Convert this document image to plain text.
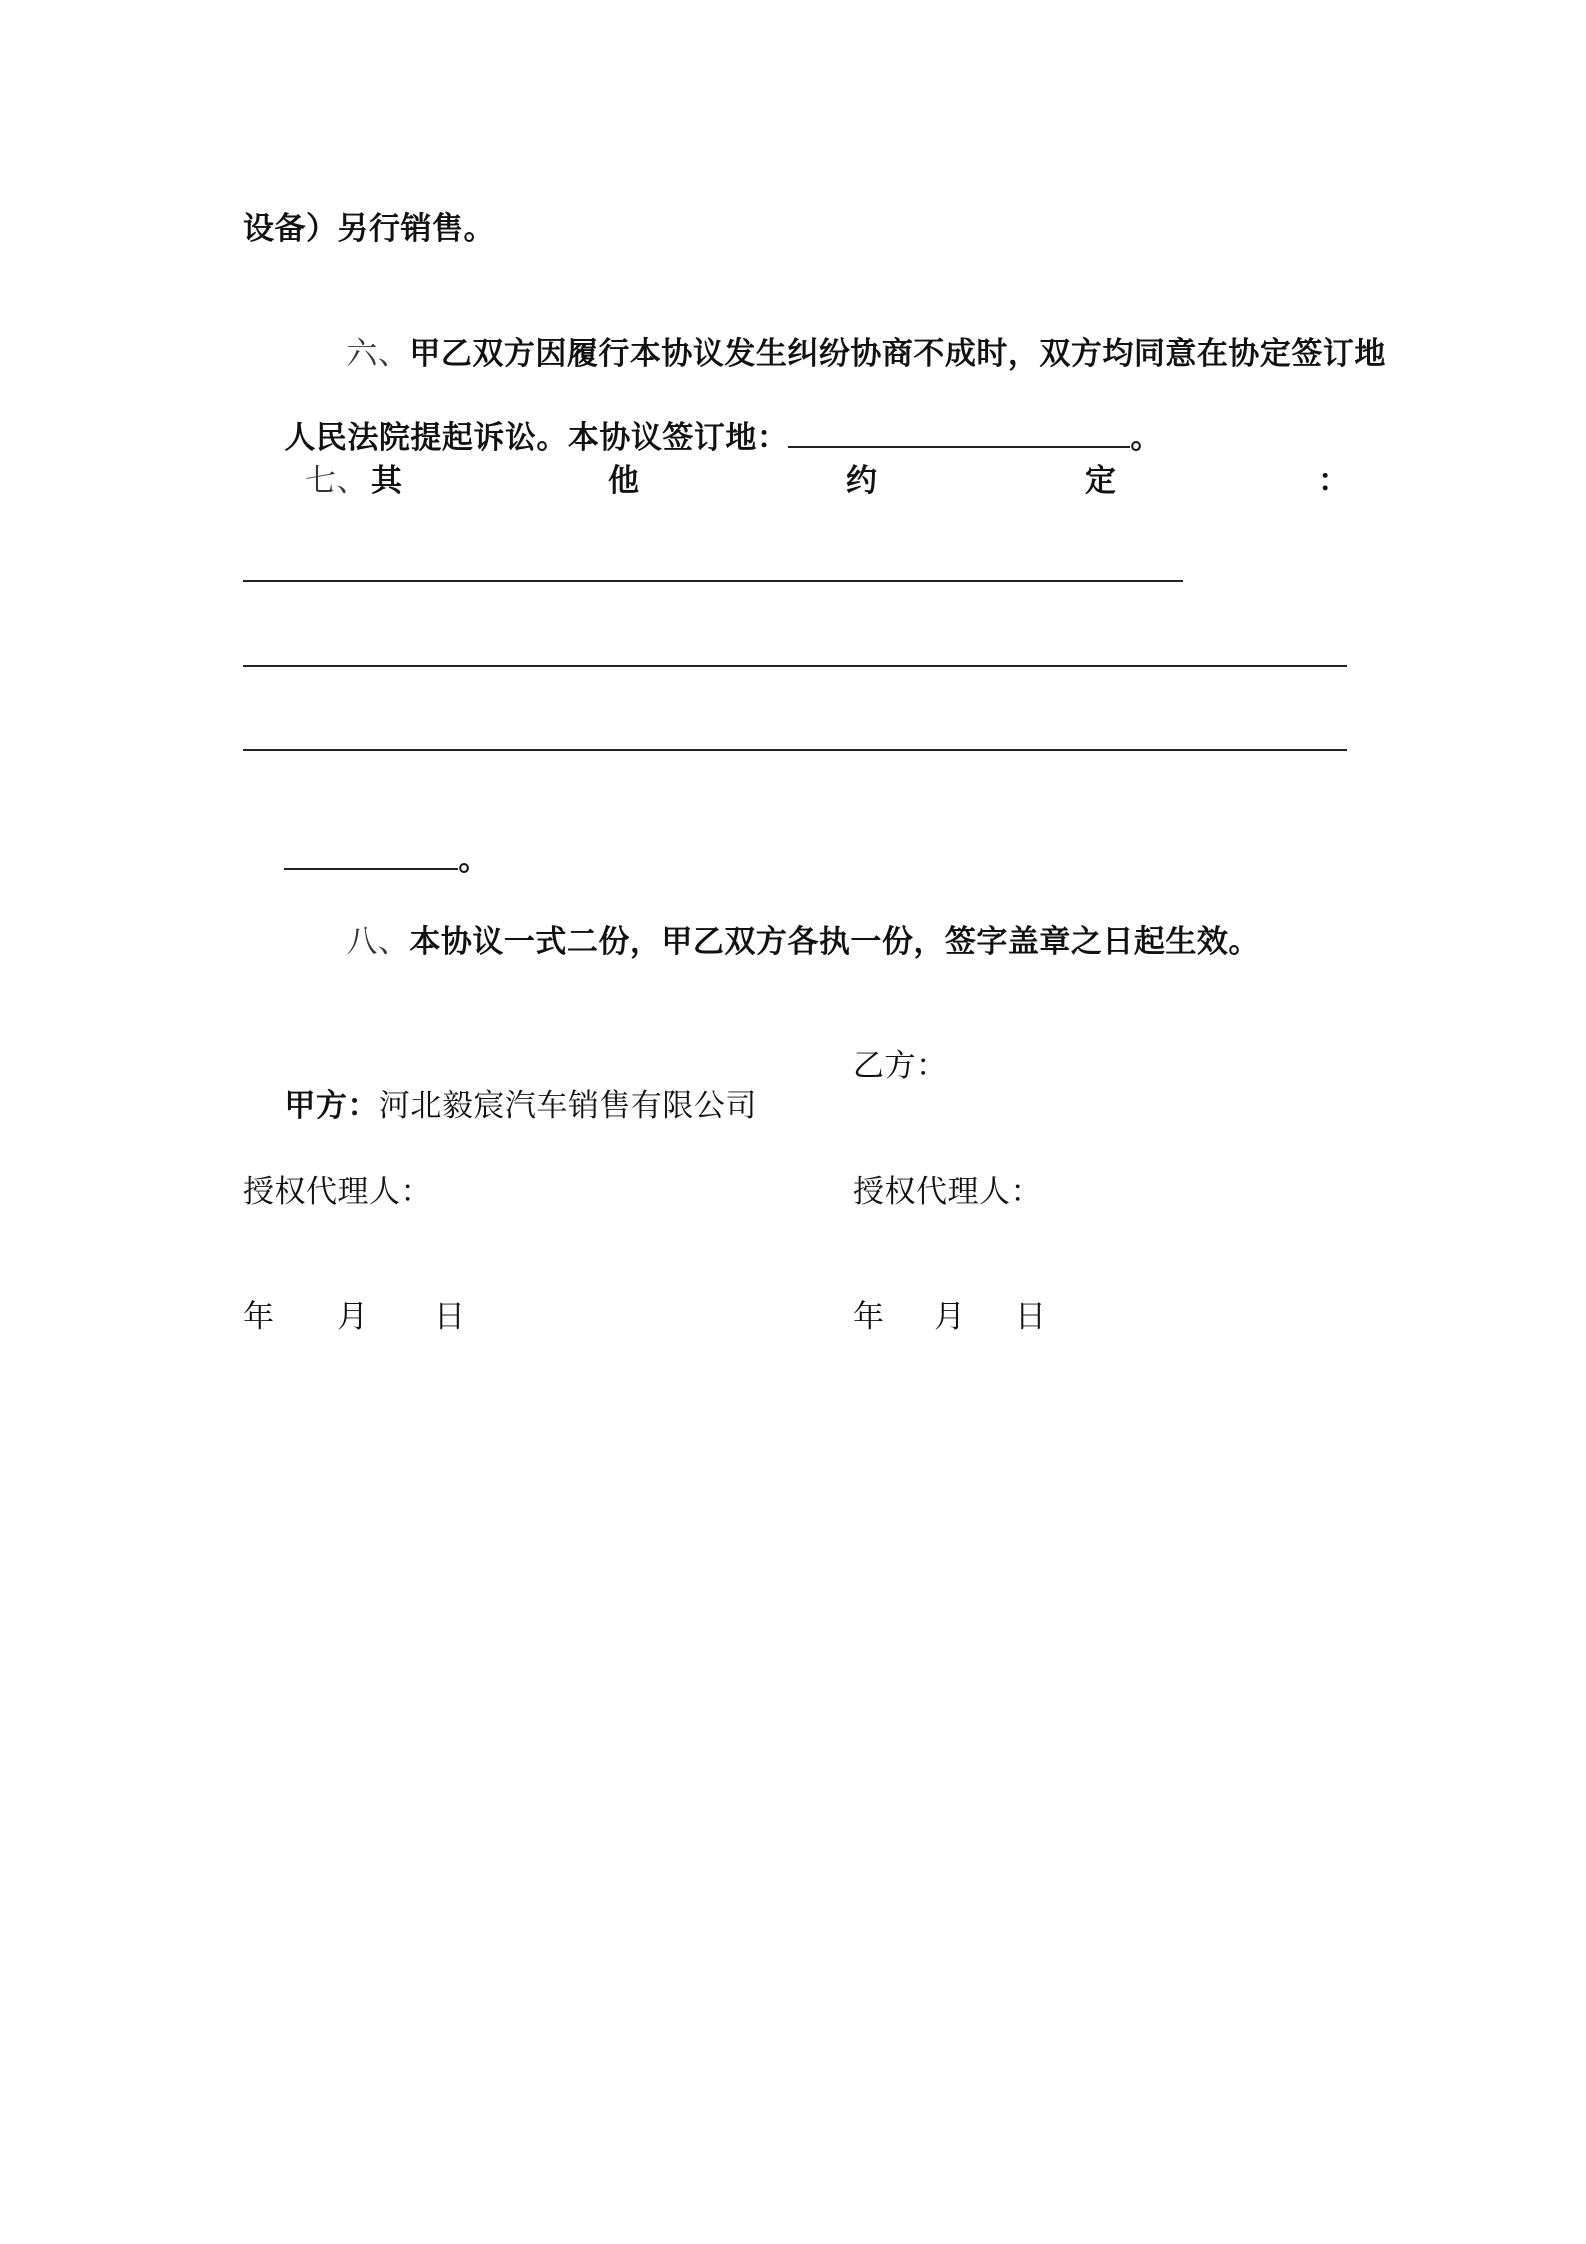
设备）另行销售。

六、甲乙双方因履行本协议发生纠纷协商不成时，双方均同意在协定签订地

人民法院提起诉讼。本协议签订地：	。

七、 其	他	约	定	：

。

八、本协议一式二份，甲乙双方各执一份，签字盖章之日起生效。

甲方：河北毅宸汽车销售有限公司

乙方：
授权代理人：	授权代理人：
年 月 日	年 月 日
